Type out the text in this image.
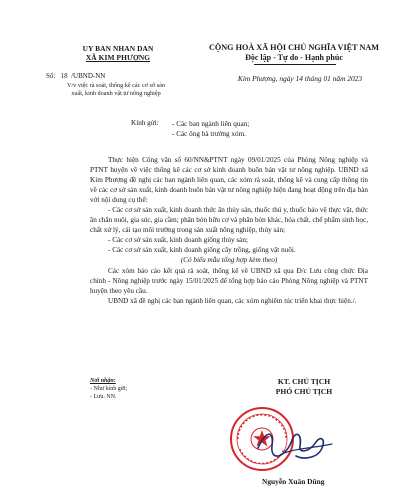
UY BAN NHAN DAN
XÃ KIM PHƯỢNG
CỘNG HOÀ XÃ HỘI CHỦ NGHĨA VIỆT NAM
Độc lập - Tự do - Hạnh phúc
Số: 18 /UBND-NN
V/v việc rà soát, thống kê các cơ sở sản
xuất, kinh doanh vật tư nông nghiệp
Kim Phượng, ngày 14 tháng 01 năm 2023
Kính gửi: - Các ban ngành liên quan;
- Các ông bà trưởng xóm.

Thực hiện Công văn số 60/NN&PTNT ngày 09/01/2025 của Phòng Nông nghiệp và PTNT huyện về việc thống kê các cơ sở kinh doanh buôn bán vật tư nông nghiệp. UBND xã Kim Phượng đề nghị các ban ngành liên quan, các xóm rà soát, thống kê và cung cấp thông tin về các cơ sở sản xuất, kinh doanh buôn bán vật tư nông nghiệp hiện đang hoạt động trên địa bàn với nội dung cụ thể:

- Các cơ sở sản xuất, kinh doanh thức ăn thủy sản, thuốc thú y, thuốc bảo vệ thực vật, thức ăn chăn nuôi, gia súc, gia cầm; phân bón hữu cơ và phân bón khác, hóa chất, chế phẩm sinh học, chất xử lý, cải tạo môi trường trong sản xuất nông nghiệp, thủy sản;

- Các cơ sở sản xuất, kinh doanh giống thủy sản;

- Các cơ sở sản xuất, kinh doanh giống cây trồng, giống vật nuôi.

(Có biểu mẫu tổng hợp kèm theo)

Các xóm báo cáo kết quả rà soát, thống kê về UBND xã qua Đ/c Lưu công chức Địa chính - Nông nghiệp trước ngày 15/01/2025 để tổng hợp báo cáo Phòng Nông nghiệp và PTNT huyện theo yêu cầu.

UBND xã đề nghị các ban ngành liên quan, các xóm nghiêm túc triển khai thực hiện./.

Nơi nhận:
- Như kính gửi;
- Lưu. NN.
KT. CHỦ TỊCH
PHÓ CHỦ TỊCH
Nguyễn Xuân Dũng
